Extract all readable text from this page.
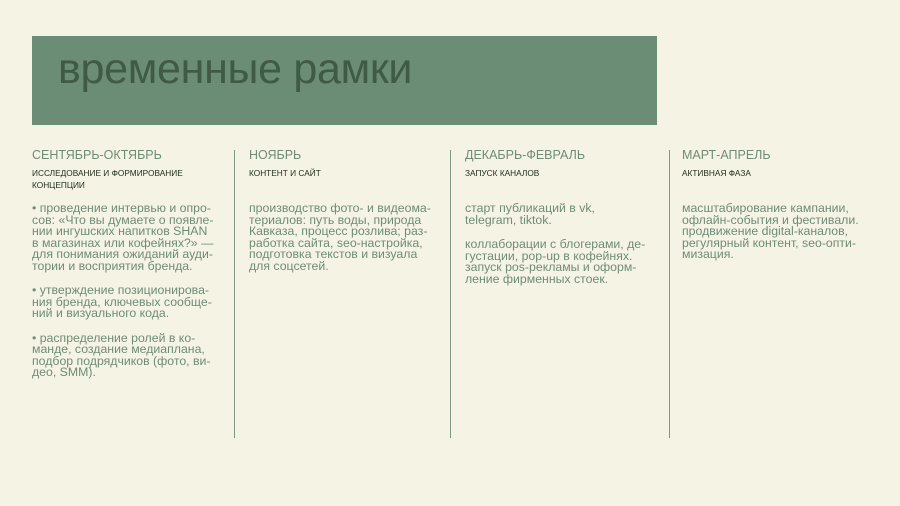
временные рамки
СЕНТЯБРЬ-ОКТЯБРЬ
ИССЛЕДОВАНИЕ И ФОРМИРОВАНИЕ
КОНЦЕПЦИИ

• проведение интервью и опро-
сов: «Что вы думаете о появле-
нии ингушских напитков SHAN
в магазинах или кофейнях?» —
для понимания ожиданий ауди-
тории и восприятия бренда.

• утверждение позиционирова-
ния бренда, ключевых сообще-
ний и визуального кода.

• распределение ролей в ко-
манде, создание медиаплана,
подбор подрядчиков (фото, ви-
део, SMM).

НОЯБРЬ
КОНТЕНТ И САЙТ

производство фото- и видеома-
териалов: путь воды, природа
Кавказа, процесс розлива; раз-
работка сайта, seo-настройка,
подготовка текстов и визуала
для соцсетей.

ДЕКАБРЬ-ФЕВРАЛЬ
ЗАПУСК КАНАЛОВ

старт публикаций в vk,
telegram, tiktok.

коллаборации с блогерами, де-
густации, pop-up в кофейнях.
запуск pos-рекламы и оформ-
ление фирменных стоек.

МАРТ-АПРЕЛЬ
АКТИВНАЯ ФАЗА

масштабирование кампании,
офлайн-события и фестивали.
продвижение digital-каналов,
регулярный контент, seo-опти-
мизация.
